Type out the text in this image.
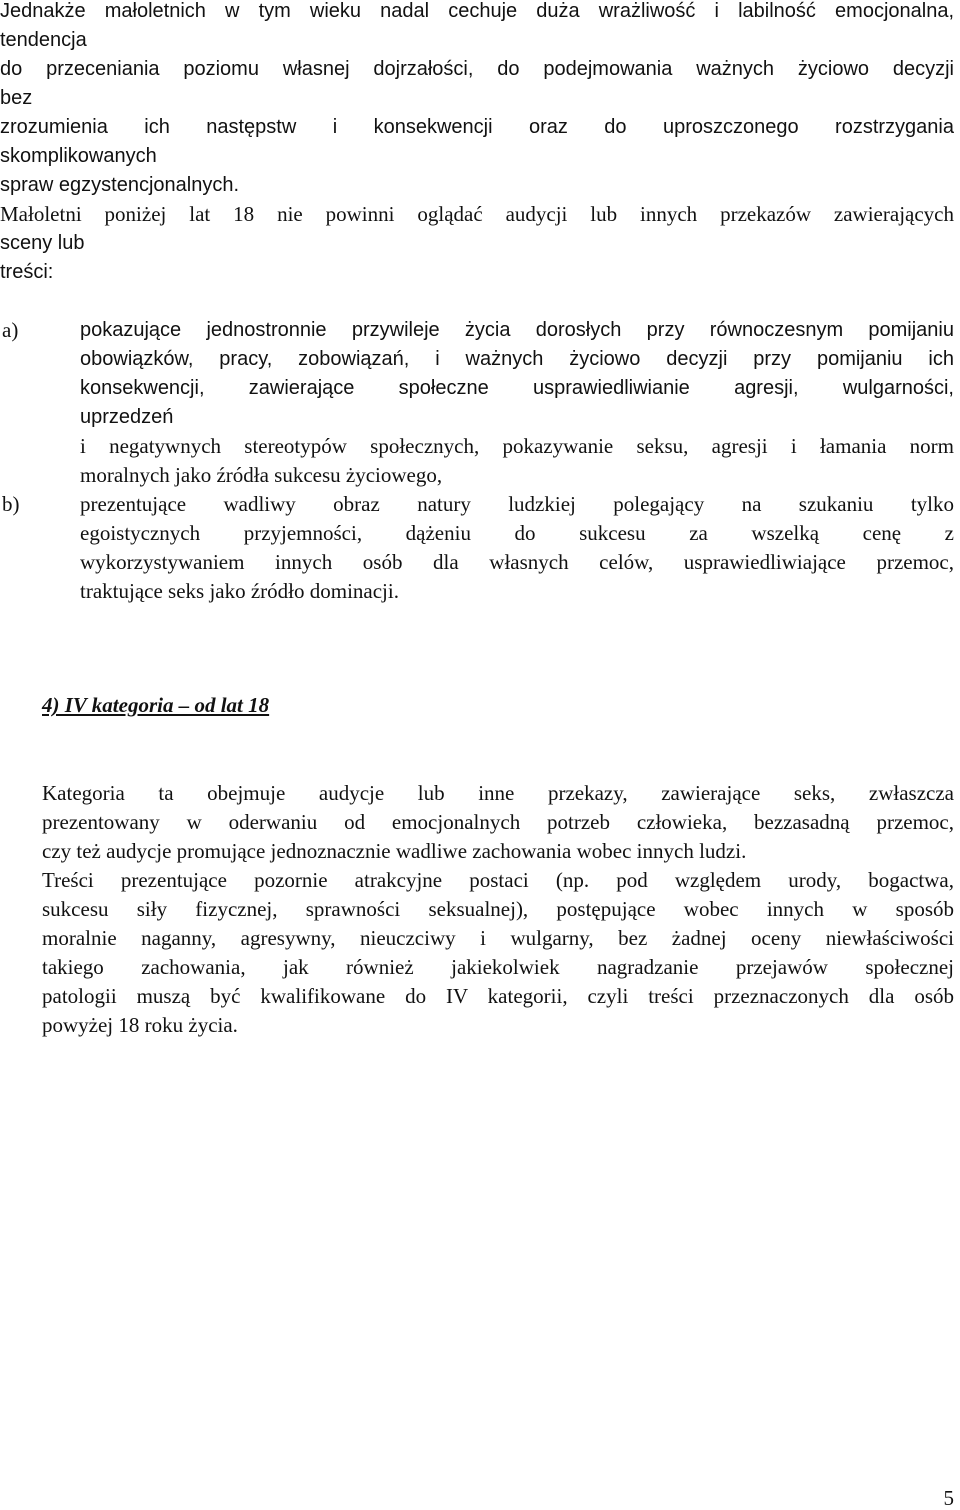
Jednakże małoletnich w tym wieku nadal cechuje duża wrażliwość i labilność emocjonalna,
tendencja
do przeceniania poziomu własnej dojrzałości, do podejmowania ważnych życiowo decyzji
bez
zrozumienia ich następstw i konsekwencji oraz do uproszczonego rozstrzygania
skomplikowanych
spraw egzystencjonalnych.
Małoletni poniżej lat 18 nie powinni oglądać audycji lub innych przekazów zawierających
sceny lub
treści:
a)	pokazujące jednostronnie przywileje życia dorosłych przy równoczesnym pomijaniu
obowiązków, pracy, zobowiązań, i ważnych życiowo decyzji przy pomijaniu ich
konsekwencji, zawierające społeczne usprawiedliwianie agresji, wulgarności,
uprzedzeń
i negatywnych stereotypów społecznych, pokazywanie seksu, agresji i łamania norm
moralnych jako źródła sukcesu życiowego,
b)	prezentujące wadliwy obraz natury ludzkiej polegający na szukaniu tylko
egoistycznych przyjemności, dążeniu do sukcesu za wszelką cenę z
wykorzystywaniem innych osób dla własnych celów, usprawiedliwiające przemoc,
traktujące seks jako źródło dominacji.
4) IV kategoria – od lat 18
Kategoria ta obejmuje audycje lub inne przekazy, zawierające seks, zwłaszcza
prezentowany w oderwaniu od emocjonalnych potrzeb człowieka, bezzasadną przemoc,
czy też audycje promujące jednoznacznie wadliwe zachowania wobec innych ludzi.
Treści prezentujące pozornie atrakcyjne postaci (np. pod względem urody, bogactwa,
sukcesu siły fizycznej, sprawności seksualnej), postępujące wobec innych w sposób
moralnie naganny, agresywny, nieuczciwy i wulgarny, bez żadnej oceny niewłaściwości
takiego zachowania, jak również jakiekolwiek nagradzanie przejawów społecznej
patologii muszą być kwalifikowane do IV kategorii, czyli treści przeznaczonych dla osób
powyżej 18 roku życia.
5
